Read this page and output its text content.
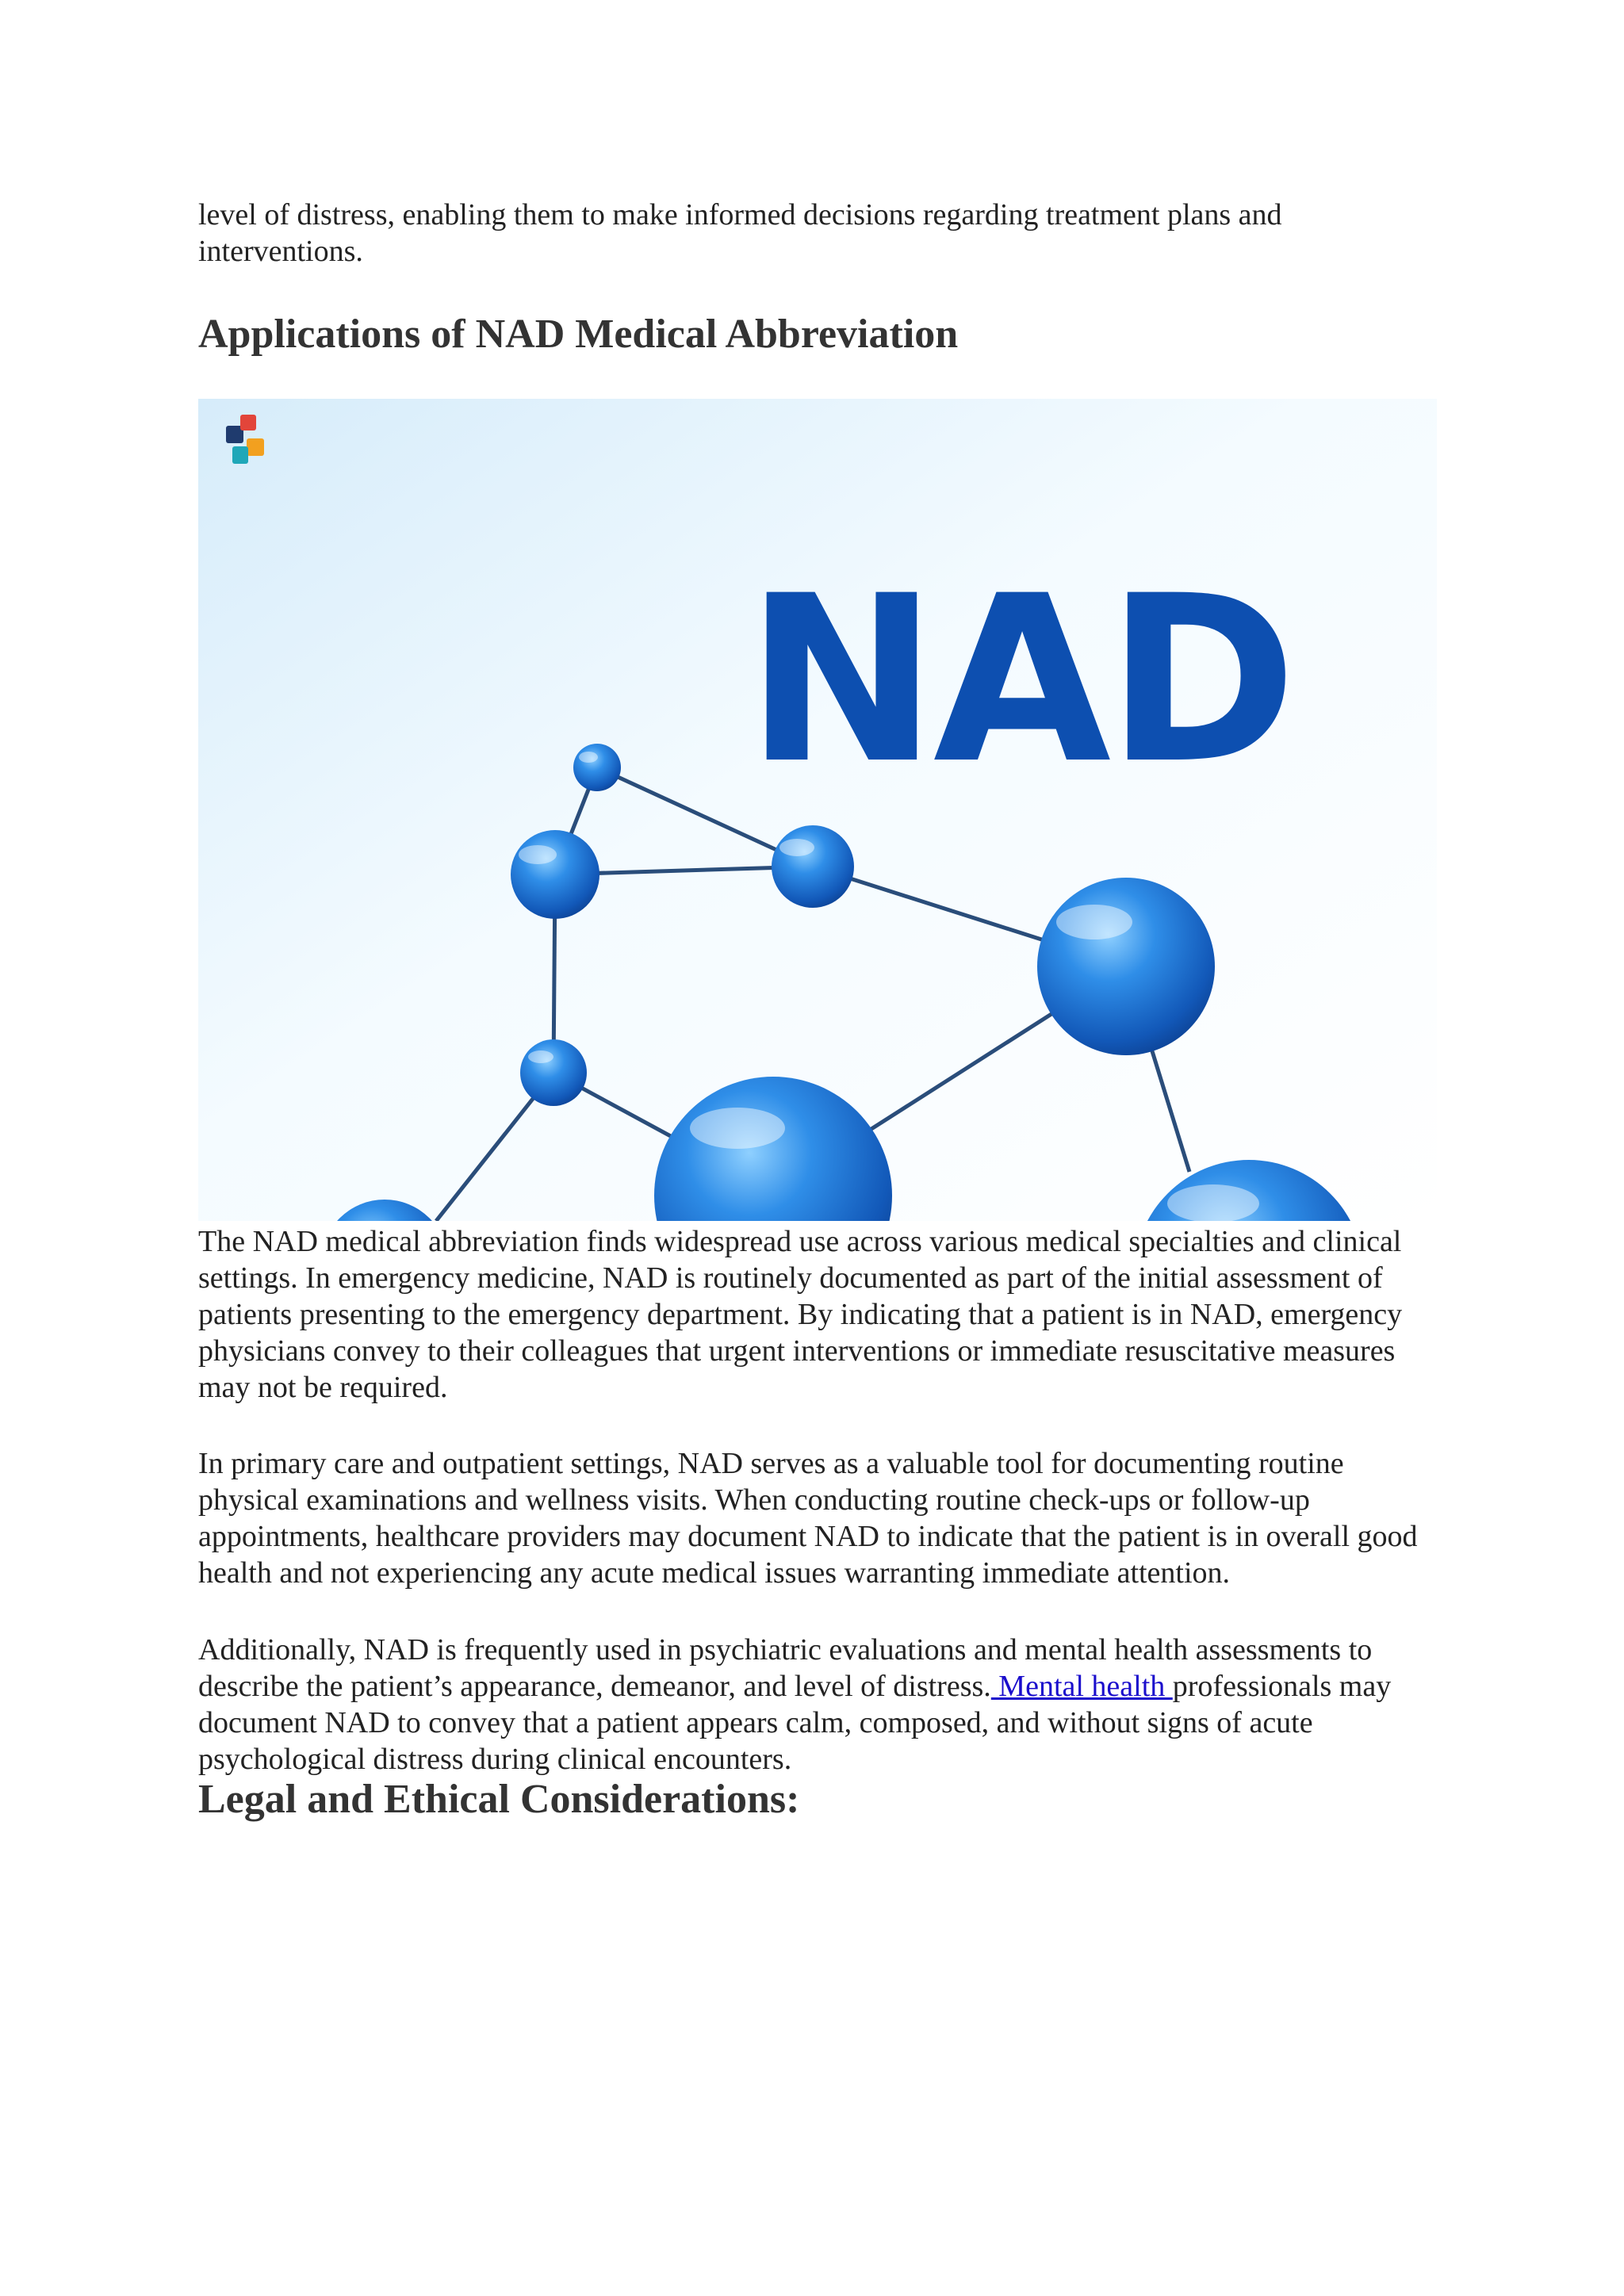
level of distress, enabling them to make informed decisions regarding treatment plans and interventions.

Applications of NAD Medical Abbreviation
NAD

The NAD medical abbreviation finds widespread use across various medical specialties and clinical settings. In emergency medicine, NAD is routinely documented as part of the initial assessment of patients presenting to the emergency department. By indicating that a patient is in NAD, emergency physicians convey to their colleagues that urgent interventions or immediate resuscitative measures may not be required.

In primary care and outpatient settings, NAD serves as a valuable tool for documenting routine physical examinations and wellness visits. When conducting routine check-ups or follow-up appointments, healthcare providers may document NAD to indicate that the patient is in overall good health and not experiencing any acute medical issues warranting immediate attention.

Additionally, NAD is frequently used in psychiatric evaluations and mental health assessments to describe the patient’s appearance, demeanor, and level of distress. Mental health professionals may document NAD to convey that a patient appears calm, composed, and without signs of acute psychological distress during clinical encounters.

Legal and Ethical Considerations:
